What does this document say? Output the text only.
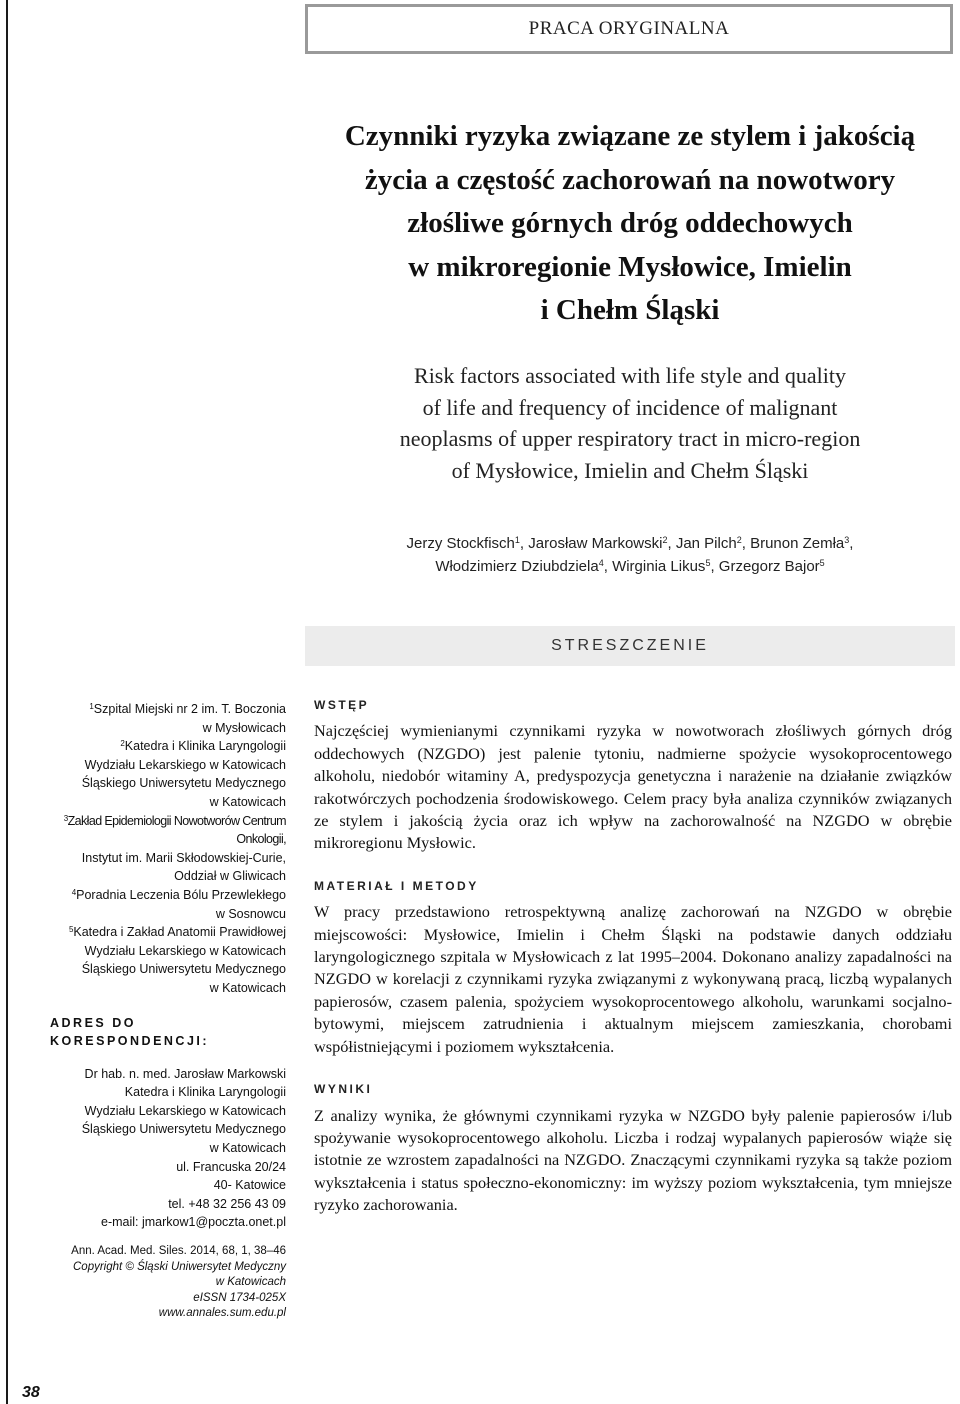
PRACA ORYGINALNA
Czynniki ryzyka związane ze stylem i jakością
życia a częstość zachorowań na nowotwory
złośliwe górnych dróg oddechowych
w mikroregionie Mysłowice, Imielin
i Chełm Śląski
Risk factors associated with life style and quality
of life and frequency of incidence of malignant
neoplasms of upper respiratory tract in micro-region
of Mysłowice, Imielin and Chełm Śląski
Jerzy Stockfisch$^1$, Jarosław Markowski$^2$, Jan Pilch$^2$, Brunon Zemła$^3$,
Włodzimierz Dziubdziela$^4$, Wirginia Likus$^5$, Grzegorz Bajor$^5$
STRESZCZENIE
$^1$Szpital Miejski nr 2 im. T. Boczonia
w Mysłowicach
$^2$Katedra i Klinika Laryngologii
Wydziału Lekarskiego w Katowicach
Śląskiego Uniwersytetu Medycznego
w Katowicach
$^3$Zakład Epidemiologii Nowotworów Centrum Onkologii,
Instytut im. Marii Skłodowskiej-Curie,
Oddział w Gliwicach
$^4$Poradnia Leczenia Bólu Przewlekłego
w Sosnowcu
$^5$Katedra i Zakład Anatomii Prawidłowej
Wydziału Lekarskiego w Katowicach
Śląskiego Uniwersytetu Medycznego
w Katowicach
ADRES DO KORESPONDENCJI:
Dr hab. n. med. Jarosław Markowski
Katedra i Klinika Laryngologii
Wydziału Lekarskiego w Katowicach
Śląskiego Uniwersytetu Medycznego
w Katowicach
ul. Francuska 20/24
40- Katowice
tel. +48 32 256 43 09
e-mail: jmarkow1@poczta.onet.pl
Ann. Acad. Med. Siles. 2014, 68, 1, 38–46
Copyright © Śląski Uniwersytet Medyczny
w Katowicach
eISSN 1734-025X
www.annales.sum.edu.pl
WSTĘP

Najczęściej wymienianymi czynnikami ryzyka w nowotworach złośliwych górnych dróg oddechowych (NZGDO) jest palenie tytoniu, nadmierne spożycie wysokoprocentowego alkoholu, niedobór witaminy A, predyspozycja genetyczna i narażenie na działanie związków rakotwórczych pochodzenia środowiskowego. Celem pracy była analiza czynników związanych ze stylem i jakością życia oraz ich wpływ na zachorowalność na NZGDO w obrębie mikroregionu Mysłowic.

MATERIAŁ I METODY

W pracy przedstawiono retrospektywną analizę zachorowań na NZGDO w obrębie miejscowości: Mysłowice, Imielin i Chełm Śląski na podstawie danych oddziału laryngologicznego szpitala w Mysłowicach z lat 1995–2004. Dokonano analizy zapadalności na NZGDO w korelacji z czynnikami ryzyka związanymi z wykonywaną pracą, liczbą wypalanych papierosów, czasem palenia, spożyciem wysokoprocentowego alkoholu, warunkami socjalno-bytowymi, miejscem zatrudnienia i aktualnym miejscem zamieszkania, chorobami współistniejącymi i poziomem wykształcenia.

WYNIKI

Z analizy wynika, że głównymi czynnikami ryzyka w NZGDO były palenie papierosów i/lub spożywanie wysokoprocentowego alkoholu. Liczba i rodzaj wypalanych papierosów wiąże się istotnie ze wzrostem zapadalności na NZGDO. Znaczącymi czynnikami ryzyka są także poziom wykształcenia i status społeczno-ekonomiczny: im wyższy poziom wykształcenia, tym mniejsze ryzyko zachorowania.

38
